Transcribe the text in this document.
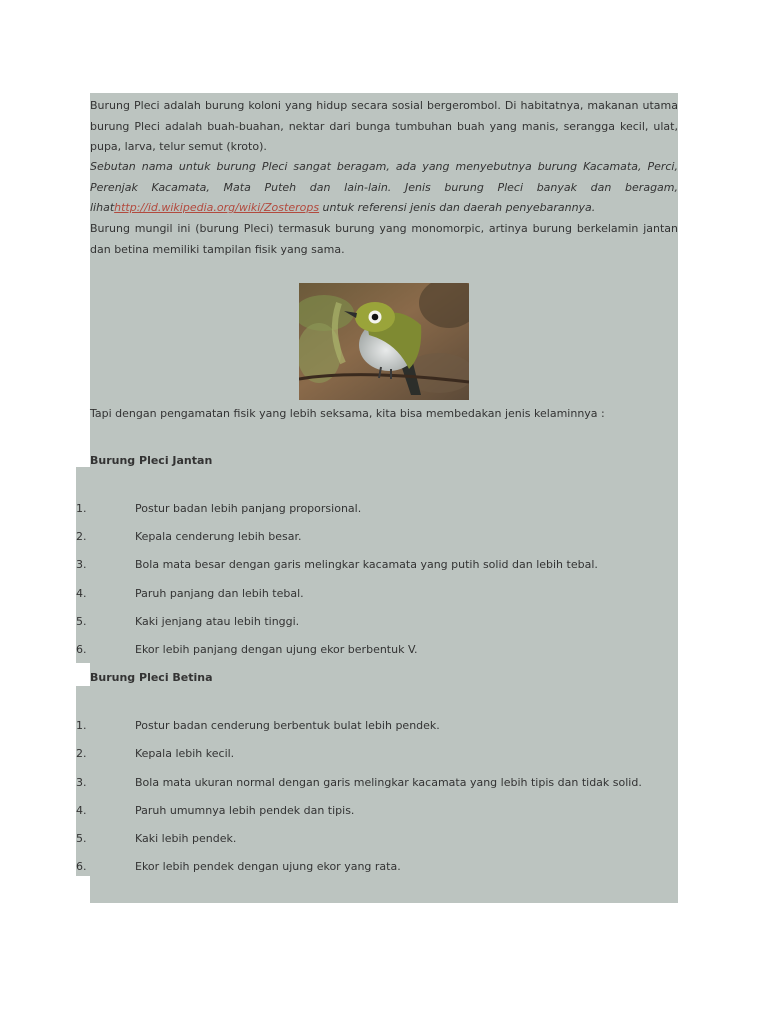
Burung Pleci adalah burung koloni yang hidup secara sosial bergerombol. Di habitatnya, makanan utama burung Pleci adalah buah-buahan, nektar dari bunga tumbuhan buah yang manis, serangga kecil, ulat, pupa, larva, telur semut (kroto).

Sebutan nama untuk burung Pleci sangat beragam, ada yang menyebutnya burung Kacamata, Perci, Perenjak Kacamata, Mata Puteh dan lain-lain. Jenis burung Pleci banyak dan beragam, lihathttp://id.wikipedia.org/wiki/Zosterops untuk referensi jenis dan daerah penyebarannya.

Burung mungil ini (burung Pleci) termasuk burung yang monomorpic, artinya burung berkelamin jantan dan betina memiliki tampilan fisik yang sama.

Tapi dengan pengamatan fisik yang lebih seksama, kita bisa membedakan jenis kelaminnya :

Burung Pleci Jantan
1.	Postur badan lebih panjang proporsional.
2.	Kepala cenderung lebih besar.
3.	Bola mata besar dengan garis melingkar kacamata yang putih solid dan lebih tebal.
4.	Paruh panjang dan lebih tebal.
5.	Kaki jenjang atau lebih tinggi.
6.	Ekor lebih panjang dengan ujung ekor berbentuk V.
Burung Pleci Betina
1.	Postur badan cenderung berbentuk bulat lebih pendek.
2.	Kepala lebih kecil.
3.	Bola mata ukuran normal dengan garis melingkar kacamata yang lebih tipis dan tidak solid.
4.	Paruh umumnya lebih pendek dan tipis.
5.	Kaki lebih pendek.
6.	Ekor lebih pendek dengan ujung ekor yang rata.
